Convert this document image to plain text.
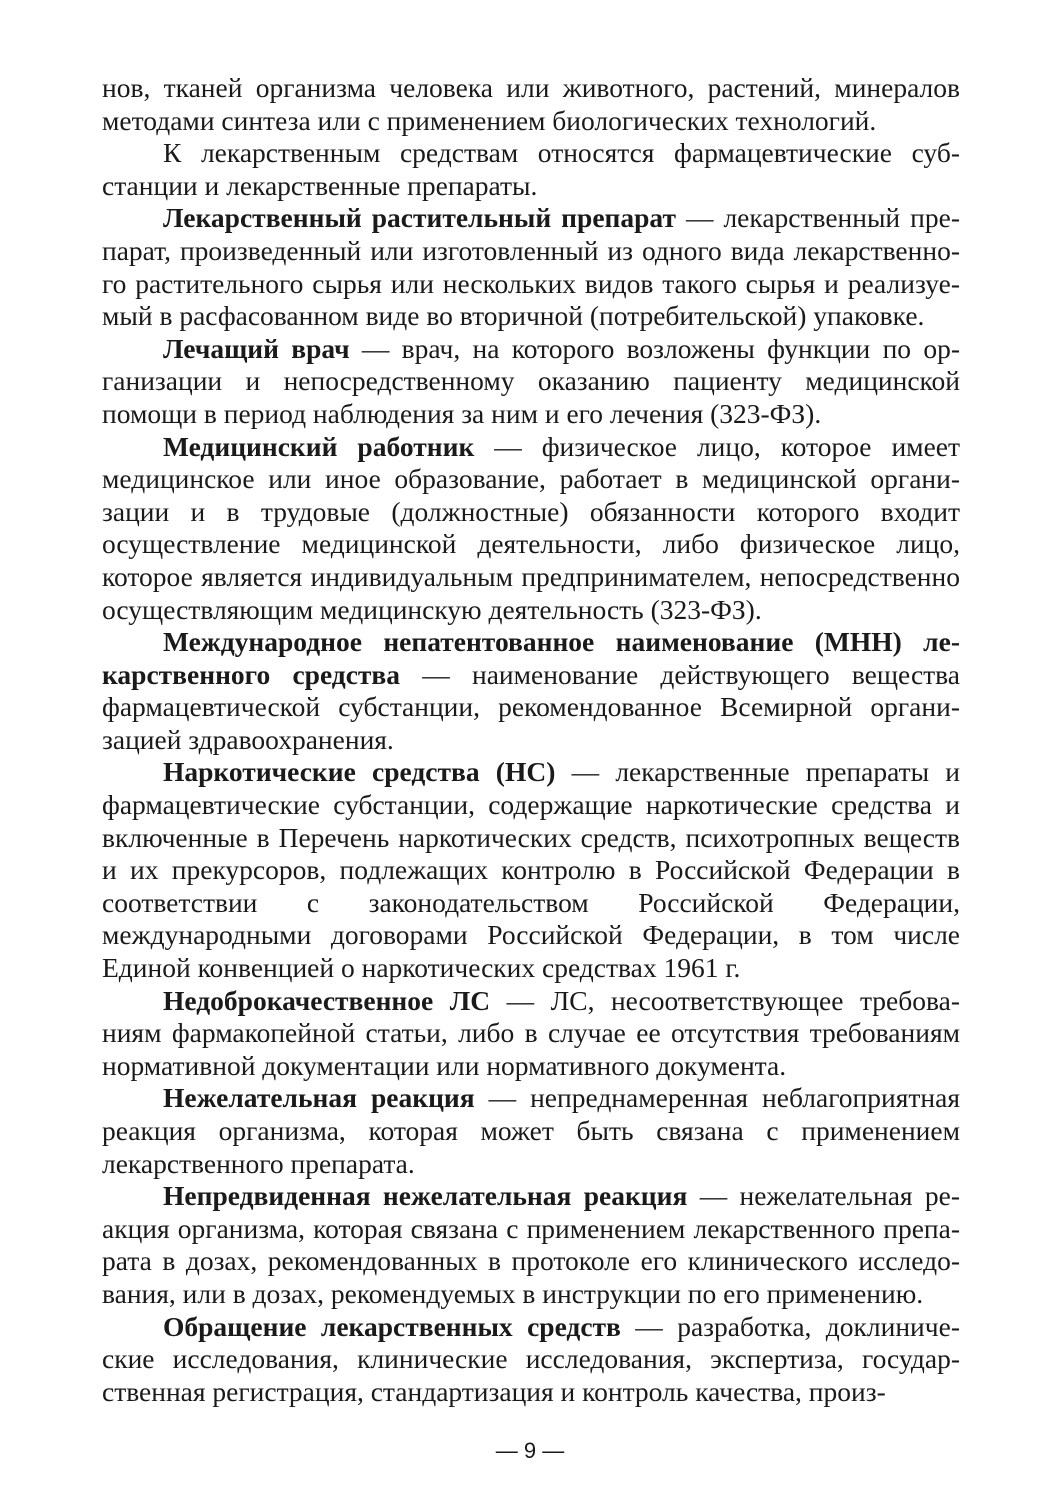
нов, тканей организма человека или животного, растений, минералов методами синтеза или с применением биологических технологий.

К лекарственным средствам относятся фармацевтические субстанции и лекарственные препараты.

Лекарственный растительный препарат — лекарственный препарат, произведенный или изготовленный из одного вида лекарственного растительного сырья или нескольких видов такого сырья и реализуемый в расфасованном виде во вторичной (потребительской) упаковке.

Лечащий врач — врач, на которого возложены функции по организации и непосредственному оказанию пациенту медицинской помощи в период наблюдения за ним и его лечения (323-ФЗ).

Медицинский работник — физическое лицо, которое имеет медицинское или иное образование, работает в медицинской организации и в трудовые (должностные) обязанности которого входит осуществление медицинской деятельности, либо физическое лицо, которое является индивидуальным предпринимателем, непосредственно осуществляющим медицинскую деятельность (323-ФЗ).

Международное непатентованное наименование (МНН) лекарственного средства — наименование действующего вещества фармацевтической субстанции, рекомендованное Всемирной организацией здравоохранения.

Наркотические средства (НС) — лекарственные препараты и фармацевтические субстанции, содержащие наркотические средства и включенные в Перечень наркотических средств, психотропных веществ и их прекурсоров, подлежащих контролю в Российской Федерации в соответствии с законодательством Российской Федерации, международными договорами Российской Федерации, в том числе Единой конвенцией о наркотических средствах 1961 г.

Недоброкачественное ЛС — ЛС, несоответствующее требованиям фармакопейной статьи, либо в случае ее отсутствия требованиям нормативной документации или нормативного документа.

Нежелательная реакция — непреднамеренная неблагоприятная реакция организма, которая может быть связана с применением лекарственного препарата.

Непредвиденная нежелательная реакция — нежелательная реакция организма, которая связана с применением лекарственного препарата в дозах, рекомендованных в протоколе его клинического исследования, или в дозах, рекомендуемых в инструкции по его применению.

Обращение лекарственных средств — разработка, доклинические исследования, клинические исследования, экспертиза, государственная регистрация, стандартизация и контроль качества, произ-

— 9 —
